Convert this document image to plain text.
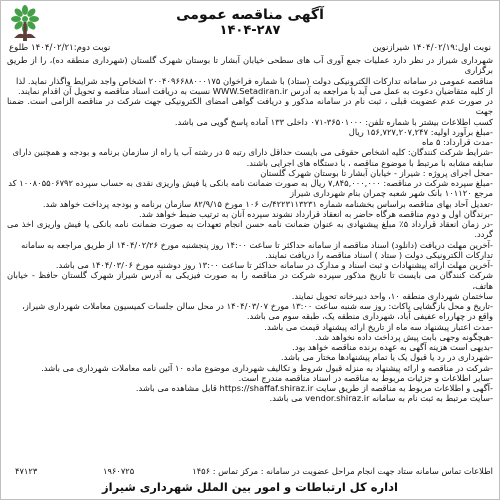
آگهی مناقصه عمومی
۱۴۰۴-۲۸۷
نوبت اول:۱۴۰۴/۰۲/۱۹ شیرازنوین
نوبت دوم:۱۴۰۴/۰۲/۲۱ طلوع

شهرداری شیراز در نظر دارد عملیات جمع آوری آب های سطحی خیابان آبشار تا بوستان شهرک گلستان (شهرداری منطقه ده)، را از طریق برگزاری

مناقصه عمومی در سامانه تدارکات الکترونیکی دولت (ستاد) با شماره فراخوان ۲۰۰۴۰۹۶۶۸۸۰۰۰۱۷۵ اشخاص واجد شرایط واگذار نماید. لذا

از کلیه متقاضیان دعوت به عمل می آید با مراجعه به آدرس WWW.Setadiran.ir نسبت به دریافت اسناد مناقصه و تحویل آن اقدام نمایند.

در صورت عدم عضویت قبلی ، ثبت نام در سامانه مذکور و دریافت گواهی امضای الکترونیکی جهت شرکت در مناقصه الزامی است. ضمنا جهت

کسب اطلاعات بیشتر با شماره تلفن: ۳۶۵۰۱۰۰۰-۰۷۱ داخلی ۱۳۳ آماده پاسخ گویی می باشد.

-مبلغ برآورد اولیه: ۱۵۶,۷۲۷,۲۰۷,۲۴۷ ریال

-مدت قرارداد: ۵ ماه

-شرایط شرکت کنندگان: کلیه اشخاص حقوقی می بایست حداقل دارای رتبه ۵ در رشته آب یا راه از سازمان برنامه و بودجه و همچنین دارای

سابقه مشابه با مرتبط با موضوع مناقصه ، با دستگاه های اجرایی باشند.

-محل اجرای پروژه : شیراز - خیابان آبشار تا بوستان شهرک گلستان

-مبلغ سپرده شرکت در مناقصه: ۷,۸۴۵,۰۰۰,۰۰۰ ریال به صورت ضمانت نامه بانکی یا فیش واریزی نقدی به حساب سپرده ۱۰۰۸۰۵۵۰۶۷۹۲ کد

مرجع ۱۰۱۱۲۰ بانک شهر شعبه چمران بنام شهرداری شیراز

-تعدیل آحاد بهای مناقصه براساس بخشنامه شماره ۴۲۲۳۱۱۳۲۳۱/ت ۱۰۶ مورخ ۸۲/۹/۱۵ سازمان برنامه و بودجه پرداخت خواهد شد.

-برندگان اول و دوم مناقصه هرگاه حاضر به انعقاد قرارداد نشوند سپرده آنان به ترتیب ضبط خواهد شد.

-در زمان انعقاد قرارداد ۵٪ مبلغ پیشنهادی به عنوان ضمانت نامه حسن انجام تعهدات به صورت ضمانت نامه بانکی یا فیش واریزی اخذ می گردد.

-آخرین مهلت دریافت (دانلود) اسناد مناقصه از سامانه حداکثر تا ساعت ۱۴:۰۰ روز پنجشنبه مورخ ۱۴۰۴/۰۲/۲۶ از طریق مراجعه به سامانه

تدارکات الکترونیکی دولت ( ستاد ) اسناد مناقصه را دریافت نمایند.

-آخرین مهلت ارائه پیشنهادات و ثبت اسناد و مدارک در سامانه حداکثر تا ساعت ۱۳:۰۰ روز دوشنبه مورخ ۱۴۰۴/۰۳/۰۶ می باشد.

شرکت کنندگان می بایست تا تاریخ مذکور سپرده شرکت در مناقصه را به صورت فیزیکی به آدرس شیراز شهرک گلستان حافظ - خیابان هاتف،

ساختمان شهرداری منطقه ۱۰، واحد دبیرخانه تحویل نمایند.

-تاریخ و محل بازگشایی پاکات: روز سه شنبه ساعت ۱۳:۰۰ مورخ ۱۴۰۴/۰۳/۰۷ در محل سالن جلسات کمیسیون معاملات شهرداری شیراز،

واقع در چهارراه عفیفی آباد، شهرداری منطقه یک، طبقه سوم می باشد.

-مدت اعتبار پیشنهاد سه ماه از تاریخ ارائه پیشنهاد قیمت می باشد.

-هیچگونه وجهی بابت پیش پرداخت داده نخواهد شد.

-بدیهی است هزینه آگهی به عهده برنده مناقصه خواهد بود.

-شهرداری در رد یا قبول یک یا تمام پیشنهادها مختار می باشد.

-شرکت در مناقصه و ارائه پیشنهاد به منزله قبول شروط و تکالیف شهرداری موضوع ماده ۱۰ آئین نامه معاملات شهرداری می باشد.

-سایر اطلاعات و جزئیات مربوط به مناقصه در اسناد مناقصه مندرج است.

-آگهی و اطلاعات مربوط به مناقصه از طریق سایت https://shaffaf.shiraz.ir قابل مشاهده می باشد.

-سایت مرتبط به ثبت نام به سامانه vendor.shiraz.ir می باشد.

اطلاعات تماس سامانه ستاد جهت انجام مراحل عضویت در سامانه : مرکز تماس : ۱۴۵۶
۱۹۶۰۷۲۵
۴۷۱۲۳
اداره کل ارتباطات و امور بین الملل شهرداری شیراز
